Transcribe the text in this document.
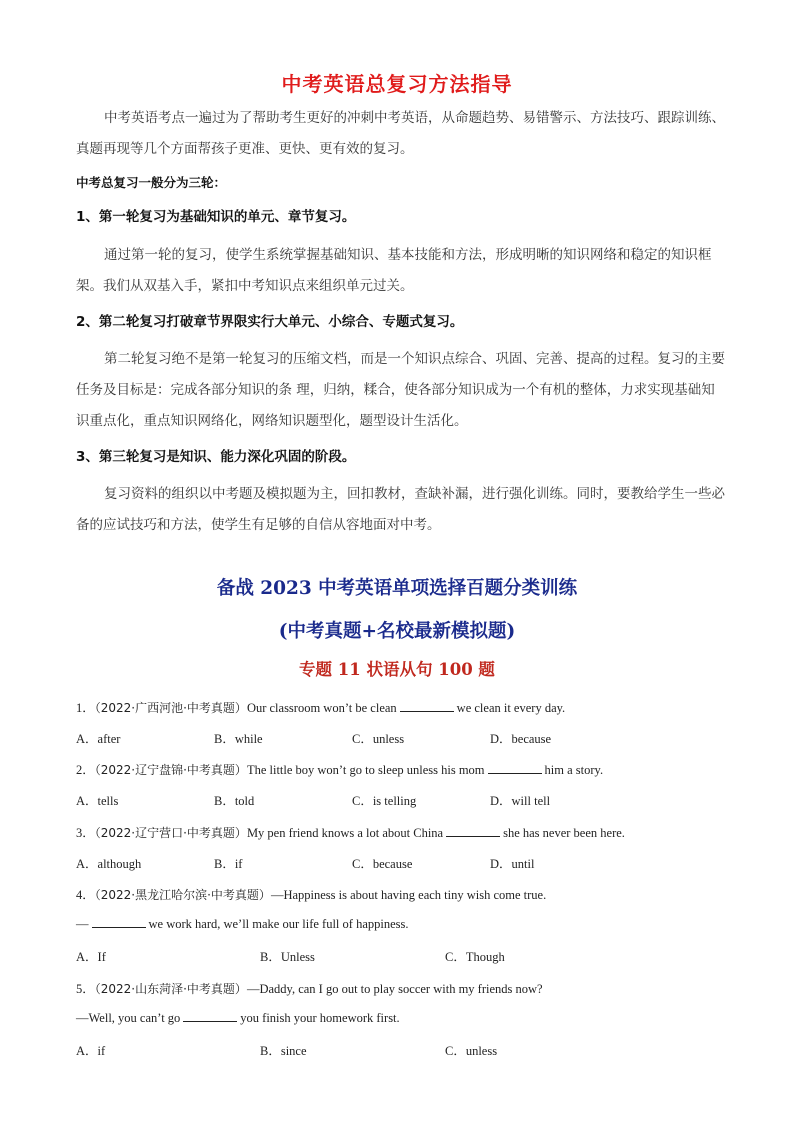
中考英语总复习方法指导
中考英语考点一遍过为了帮助考生更好的冲刺中考英语，从命题趋势、易错警示、方法技巧、跟踪训练、真题再现等几个方面帮孩子更准、更快、更有效的复习。
中考总复习一般分为三轮：
1、第一轮复习为基础知识的单元、章节复习。
通过第一轮的复习，使学生系统掌握基础知识、基本技能和方法，形成明晰的知识网络和稳定的知识框架。我们从双基入手，紧扣中考知识点来组织单元过关。
2、第二轮复习打破章节界限实行大单元、小综合、专题式复习。
第二轮复习绝不是第一轮复习的压缩文档，而是一个知识点综合、巩固、完善、提高的过程。复习的主要任务及目标是：完成各部分知识的条 理，归纳，糅合，使各部分知识成为一个有机的整体，力求实现基础知识重点化，重点知识网络化，网络知识题型化，题型设计生活化。
3、第三轮复习是知识、能力深化巩固的阶段。
复习资料的组织以中考题及模拟题为主，回扣教材，查缺补漏，进行强化训练。同时，要教给学生一些必备的应试技巧和方法，使学生有足够的自信从容地面对中考。
备战 2023 中考英语单项选择百题分类训练
(中考真题+名校最新模拟题)
专题 11 状语从句 100 题
1．（2022·广西河池·中考真题）Our classroom won’t be clean	we clean it every day.
A．after	B．while	C．unless	D．because
2．（2022·辽宁盘锦·中考真题）The little boy won’t go to sleep unless his mom	him a story.
A．tells	B．told	C．is telling	D．will tell
3．（2022·辽宁营口·中考真题）My pen friend knows a lot about China	she has never been here.
A．although	B．if	C．because	D．until
4．（2022·黑龙江哈尔滨·中考真题）—Happiness is about having each tiny wish come true.
—	we work hard, we’ll make our life full of happiness.
A．If	B．Unless	C．Though
5．（2022·山东菏泽·中考真题）—Daddy, can I go out to play soccer with my friends now?
—Well, you can’t go	you finish your homework first.
A．if	B．since	C．unless
